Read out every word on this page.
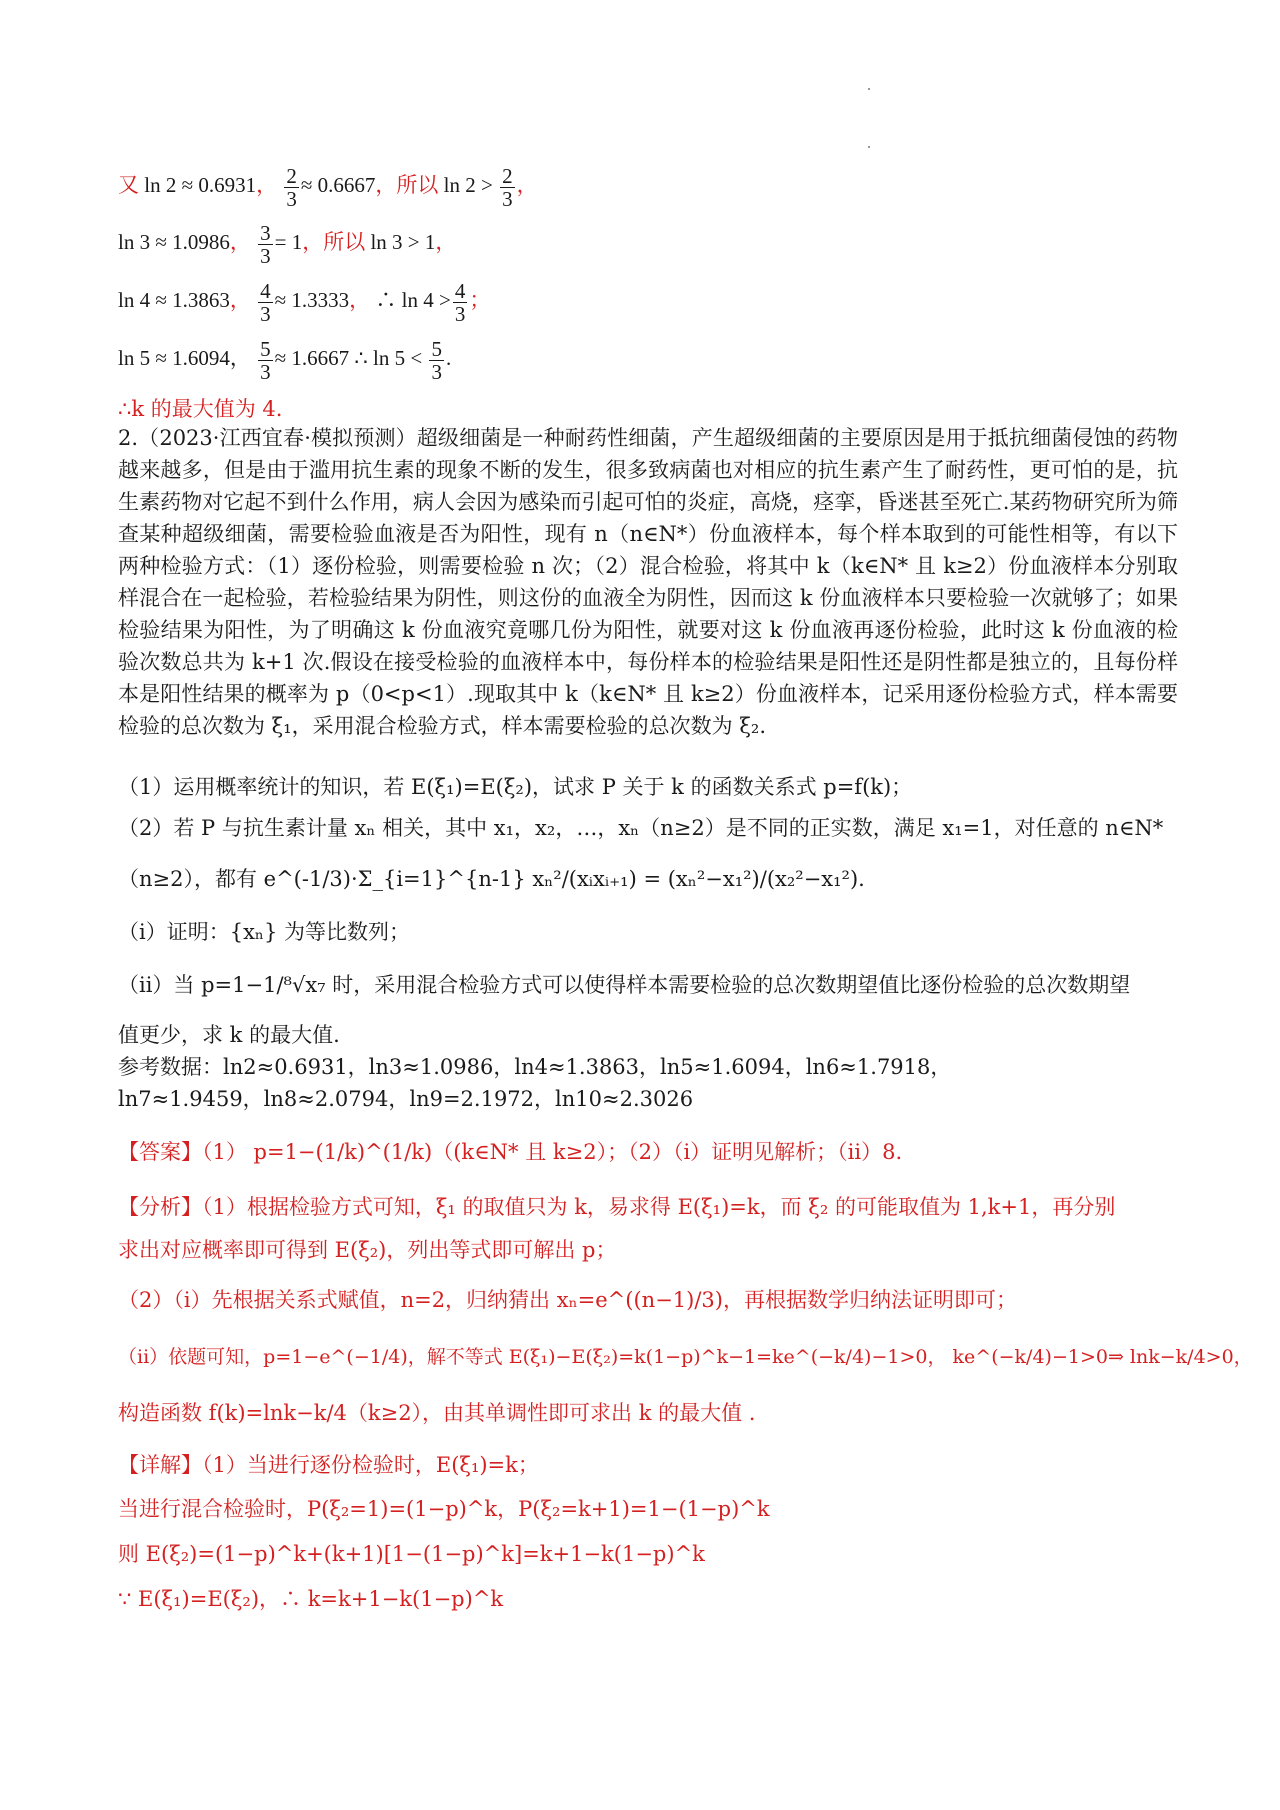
又 ln 2 ≈ 0.6931， $\frac{2}{3} \approx 0.6667$，所以 $\ln 2 > \frac{2}{3}$ ，
ln 3 ≈ 1.0986， $\frac{3}{3} = 1$，所以 ln 3 > 1，
ln 4 ≈ 1.3863， $\frac{4}{3} \approx 1.3333$， ∴ $\ln 4 > \frac{4}{3}$ ；
ln 5 ≈ 1.6094， $\frac{5}{3} \approx 1.6667$ ∴ $\ln 5 < \frac{5}{3}$ .
∴k 的最大值为 4.
2.（2023·江西宜春·模拟预测）超级细菌是一种耐药性细菌，产生超级细菌的主要原因是用于抵抗细菌侵蚀的药物越来越多，但是由于滥用抗生素的现象不断的发生，很多致病菌也对相应的抗生素产生了耐药性，更可怕的是，抗生素药物对它起不到什么作用，病人会因为感染而引起可怕的炎症，高烧，痉挛，昏迷甚至死亡.某药物研究所为筛查某种超级细菌，需要检验血液是否为阳性，现有 n（n∈N*）份血液样本，每个样本取到的可能性相等，有以下两种检验方式：（1）逐份检验，则需要检验 n 次；（2）混合检验，将其中 k（k∈N* 且 k≥2）份血液样本分别取样混合在一起检验，若检验结果为阴性，则这份的血液全为阴性，因而这 k 份血液样本只要检验一次就够了；如果检验结果为阳性，为了明确这 k 份血液究竟哪几份为阳性，就要对这 k 份血液再逐份检验，此时这 k 份血液的检验次数总共为 k+1 次.假设在接受检验的血液样本中，每份样本的检验结果是阳性还是阴性都是独立的，且每份样本是阳性结果的概率为 p（0<p<1）.现取其中 k（k∈N* 且 k≥2）份血液样本，记采用逐份检验方式，样本需要检验的总次数为 ξ₁，采用混合检验方式，样本需要检验的总次数为 ξ₂.
（1）运用概率统计的知识，若 E(ξ₁)=E(ξ₂)，试求 P 关于 k 的函数关系式 p=f(k)；
（2）若 P 与抗生素计量 xₙ 相关，其中 x₁，x₂，…，xₙ（n≥2）是不同的正实数，满足 x₁=1，对任意的 n∈N*
（n≥2），都有 e^(-1/3)·Σ_{i=1}^{n-1} xₙ²/(xᵢxᵢ₊₁) = (xₙ²−x₁²)/(x₂²−x₁²).
（i）证明：{xₙ} 为等比数列；
（ii）当 p=1−1/⁸√x₇ 时，采用混合检验方式可以使得样本需要检验的总次数期望值比逐份检验的总次数期望
值更少，求 k 的最大值.
参考数据：ln2≈0.6931，ln3≈1.0986，ln4≈1.3863，ln5≈1.6094，ln6≈1.7918，
ln7≈1.9459，ln8≈2.0794，ln9=2.1972，ln10≈2.3026
【答案】（1） p=1−(1/k)^(1/k)（(k∈N* 且 k≥2）；（2）（i）证明见解析；（ii）8.
【分析】（1）根据检验方式可知，ξ₁ 的取值只为 k，易求得 E(ξ₁)=k，而 ξ₂ 的可能取值为 1,k+1，再分别
求出对应概率即可得到 E(ξ₂)，列出等式即可解出 p；
（2）（i）先根据关系式赋值，n=2，归纳猜出 xₙ=e^((n−1)/3)，再根据数学归纳法证明即可；
（ii）依题可知，p=1−e^(−1/4)，解不等式 E(ξ₁)−E(ξ₂)=k(1−p)^k−1=ke^(−k/4)−1>0， ke^(−k/4)−1>0⇒ lnk−k/4>0，
构造函数 f(k)=lnk−k/4（k≥2），由其单调性即可求出 k 的最大值 .
【详解】（1）当进行逐份检验时，E(ξ₁)=k；
当进行混合检验时，P(ξ₂=1)=(1−p)^k，P(ξ₂=k+1)=1−(1−p)^k
则 E(ξ₂)=(1−p)^k+(k+1)[1−(1−p)^k]=k+1−k(1−p)^k
∵ E(ξ₁)=E(ξ₂)，∴ k=k+1−k(1−p)^k
